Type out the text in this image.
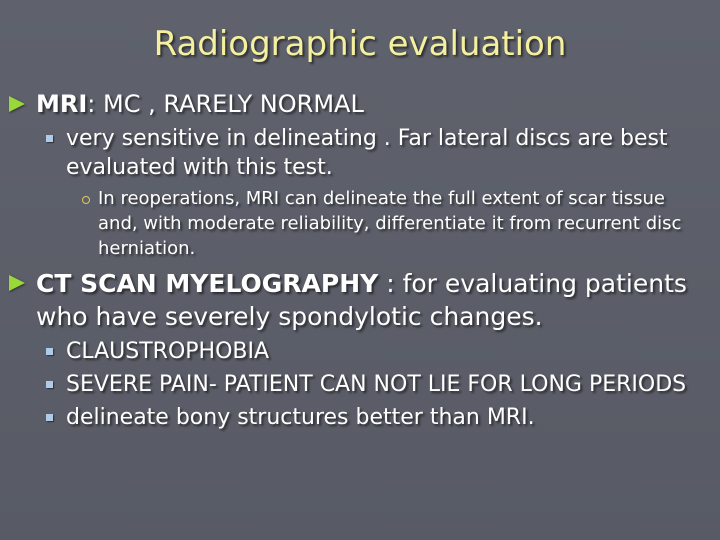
Radiographic evaluation
MRI: MC , RARELY NORMAL
very sensitive in delineating . Far lateral discs are best evaluated with this test.
In reoperations, MRI can delineate the full extent of scar tissue and, with moderate reliability, differentiate it from recurrent disc herniation.
CT SCAN MYELOGRAPHY : for evaluating patients who have severely spondylotic changes.
CLAUSTROPHOBIA
SEVERE PAIN- PATIENT CAN NOT LIE FOR LONG PERIODS
delineate bony structures better than MRI.
